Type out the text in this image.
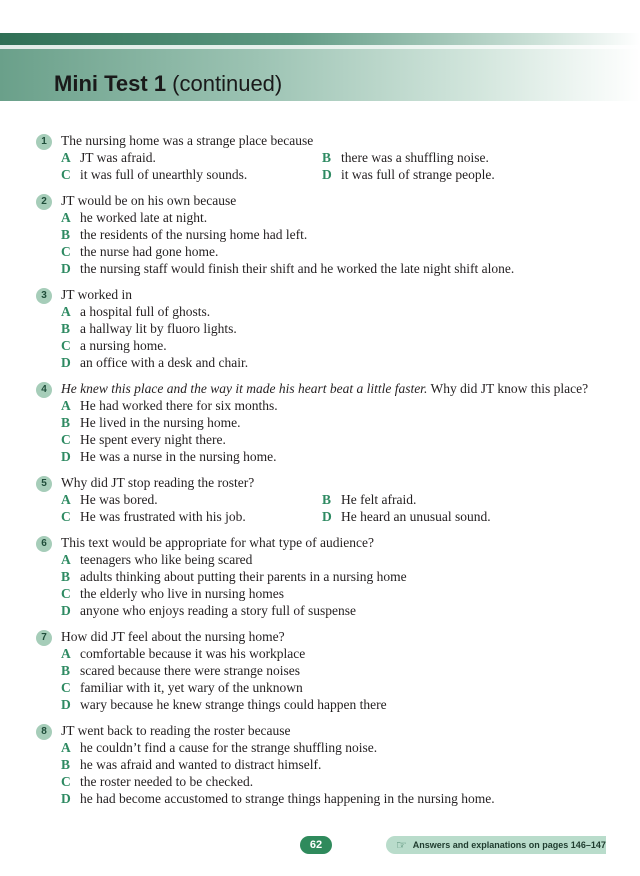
Mini Test 1 (continued)
1	The nursing home was a strange place because

A JT was afraid.	B there was a shuffling noise.
C it was full of unearthly sounds.	D it was full of strange people.
2	JT would be on his own because

A he worked late at night.
B the residents of the nursing home had left.
C the nurse had gone home.
D the nursing staff would finish their shift and he worked the late night shift alone.
3	JT worked in

A a hospital full of ghosts.
B a hallway lit by fluoro lights.
C a nursing home.
D an office with a desk and chair.
4	He knew this place and the way it made his heart beat a little faster. Why did JT know this place?

A He had worked there for six months.
B He lived in the nursing home.
C He spent every night there.
D He was a nurse in the nursing home.
5	Why did JT stop reading the roster?

A He was bored.	B He felt afraid.
C He was frustrated with his job.	D He heard an unusual sound.
6	This text would be appropriate for what type of audience?

A teenagers who like being scared
B adults thinking about putting their parents in a nursing home
C the elderly who live in nursing homes
D anyone who enjoys reading a story full of suspense
7	How did JT feel about the nursing home?

A comfortable because it was his workplace
B scared because there were strange noises
C familiar with it, yet wary of the unknown
D wary because he knew strange things could happen there
8	JT went back to reading the roster because

A he couldn’t find a cause for the strange shuffling noise.
B he was afraid and wanted to distract himself.
C the roster needed to be checked.
D he had become accustomed to strange things happening in the nursing home.
62	☞ Answers and explanations on pages 146–147
